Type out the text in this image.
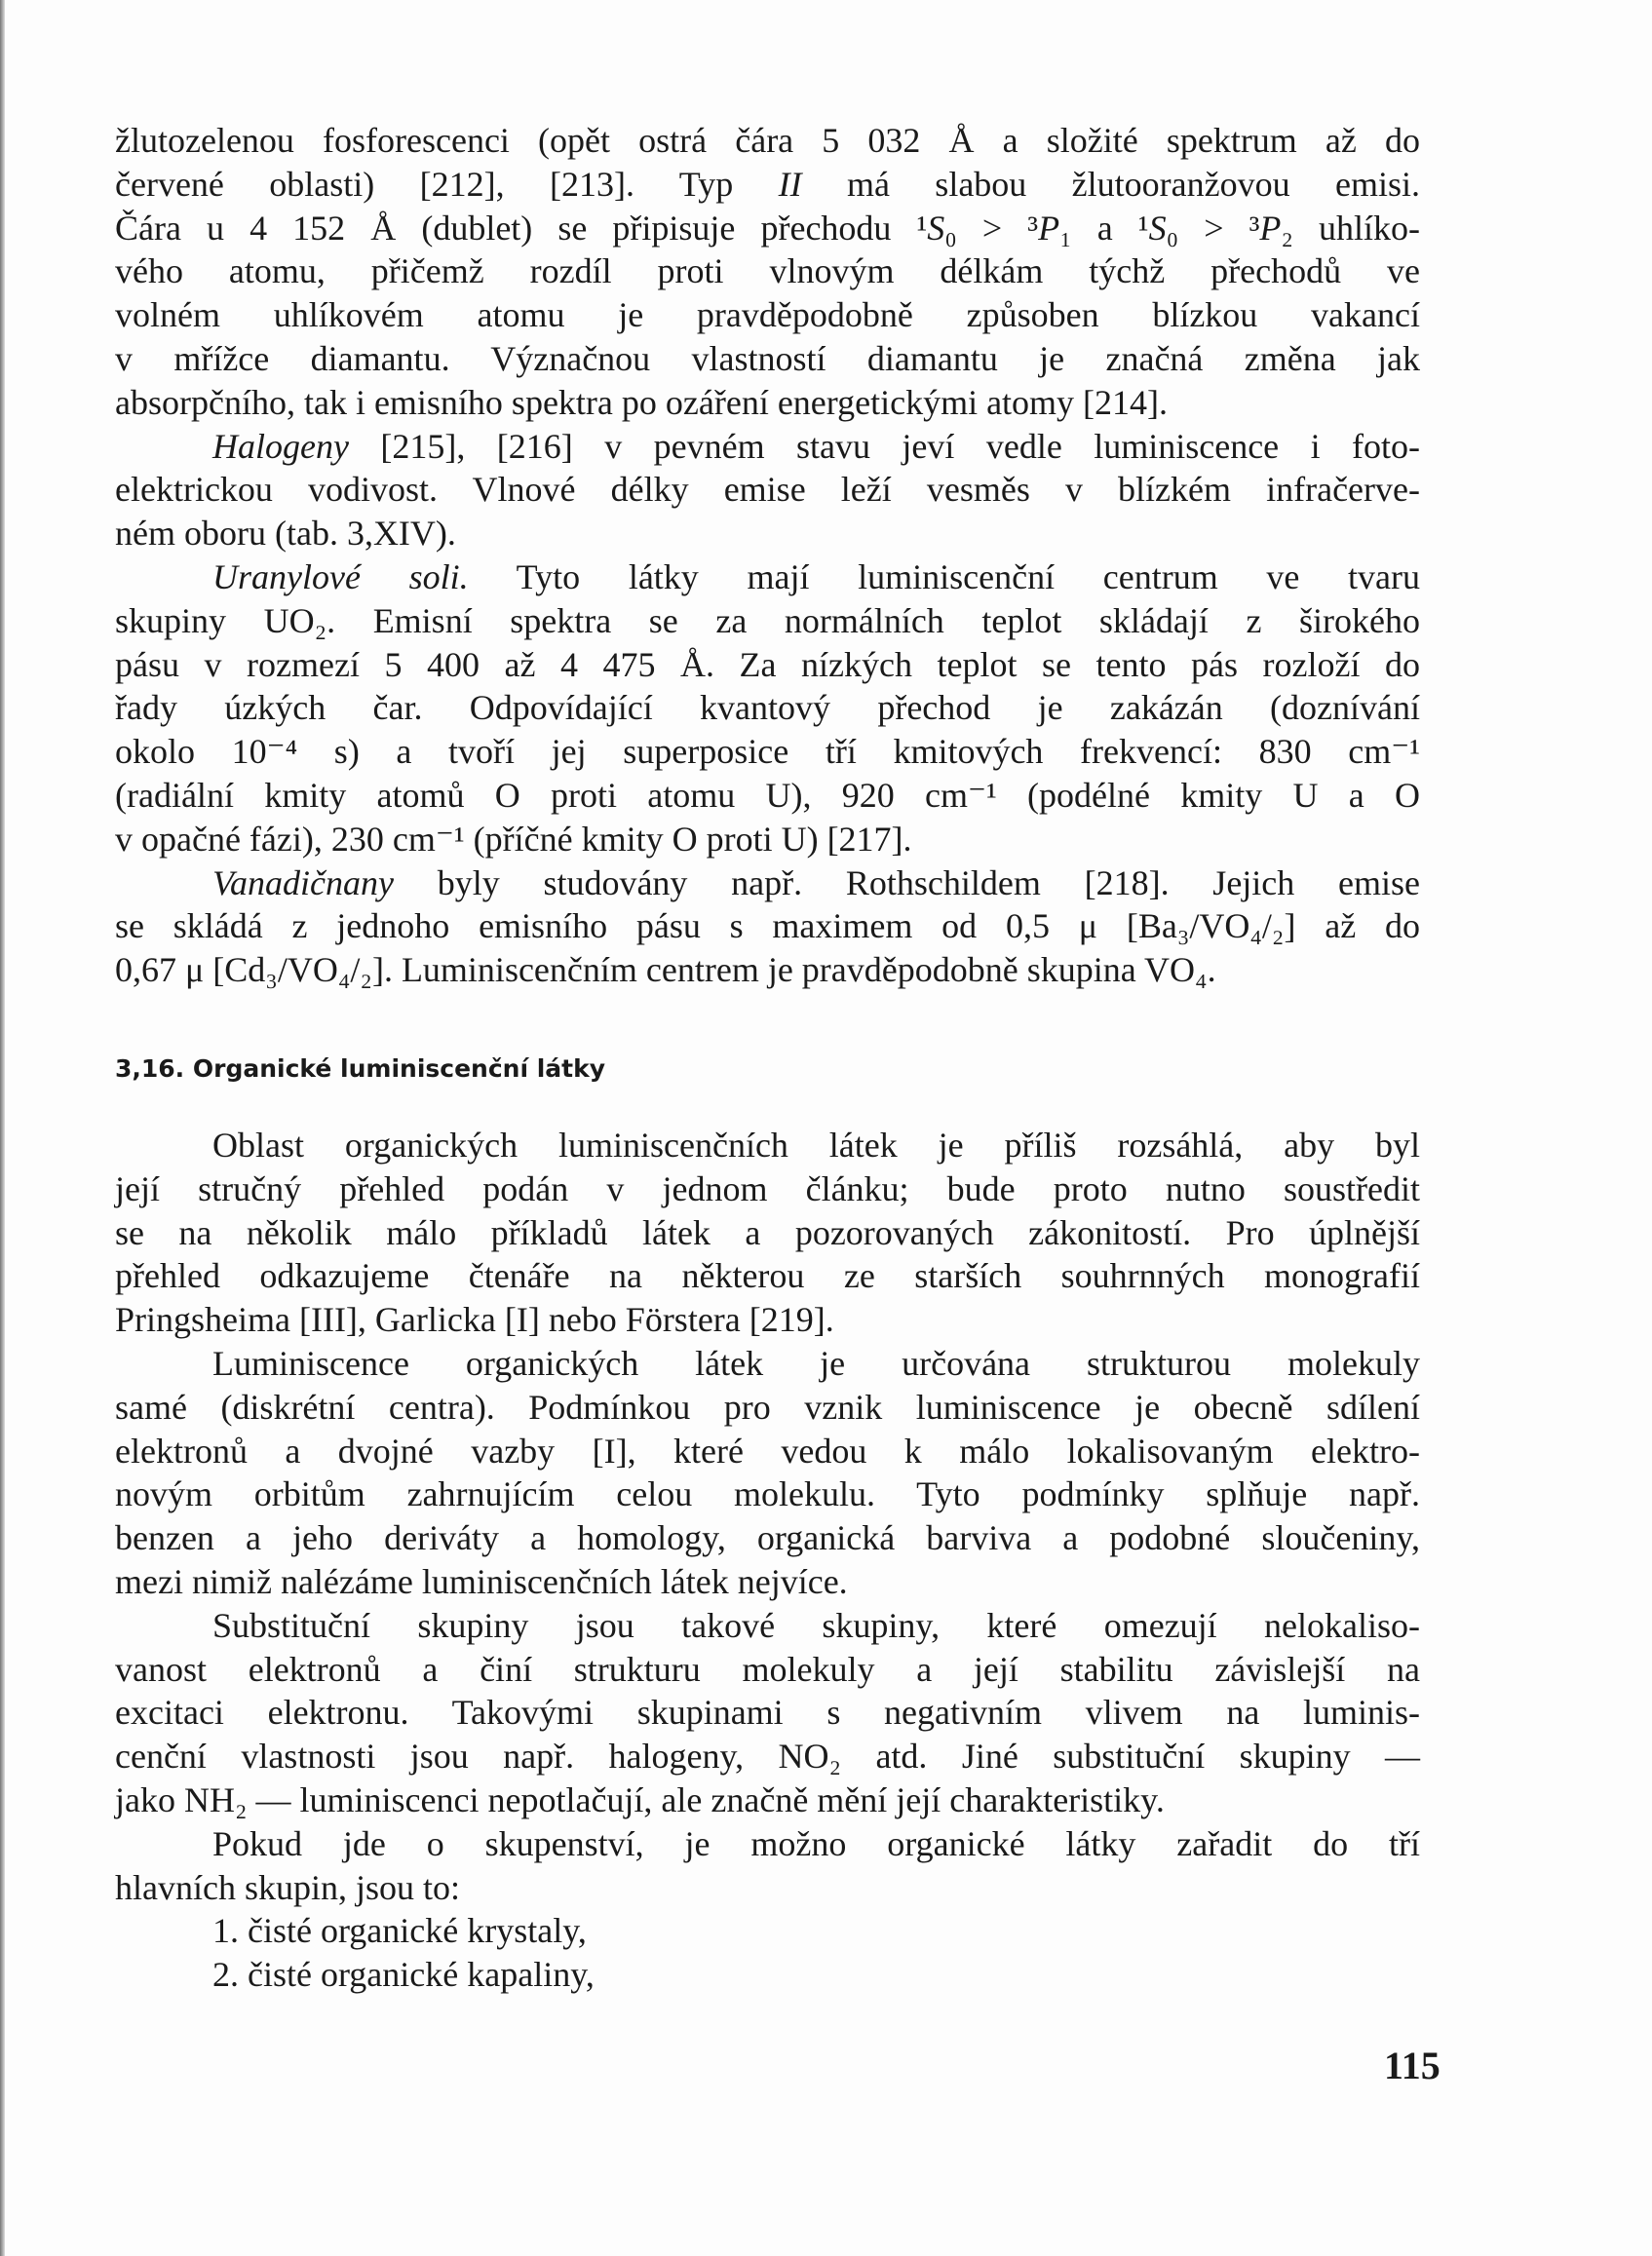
žlutozelenou fosforescenci (opět ostrá čára 5 032 Å a složité spektrum až do
červené oblasti) [212], [213]. Typ II má slabou žlutooranžovou emisi.
Čára u 4 152 Å (dublet) se připisuje přechodu ¹S₀ > ³P₁ a ¹S₀ > ³P₂ uhlíko-
vého atomu, přičemž rozdíl proti vlnovým délkám týchž přechodů ve
volném uhlíkovém atomu je pravděpodobně způsoben blízkou vakancí
v mřížce diamantu. Význačnou vlastností diamantu je značná změna jak
absorpčního, tak i emisního spektra po ozáření energetickými atomy [214].
Halogeny [215], [216] v pevném stavu jeví vedle luminiscence i foto-
elektrickou vodivost. Vlnové délky emise leží vesměs v blízkém infračerve-
ném oboru (tab. 3,XIV).
Uranylové soli. Tyto látky mají luminiscenční centrum ve tvaru
skupiny UO₂. Emisní spektra se za normálních teplot skládají z širokého
pásu v rozmezí 5 400 až 4 475 Å. Za nízkých teplot se tento pás rozloží do
řady úzkých čar. Odpovídající kvantový přechod je zakázán (doznívání
okolo 10⁻⁴ s) a tvoří jej superposice tří kmitových frekvencí: 830 cm⁻¹
(radiální kmity atomů O proti atomu U), 920 cm⁻¹ (podélné kmity U a O
v opačné fázi), 230 cm⁻¹ (příčné kmity O proti U) [217].
Vanadičnany byly studovány např. Rothschildem [218]. Jejich emise
se skládá z jednoho emisního pásu s maximem od 0,5 μ [Ba₃/VO₄/₂] až do
0,67 μ [Cd₃/VO₄/₂]. Luminiscenčním centrem je pravděpodobně skupina VO₄.
3,16. Organické luminiscenční látky
Oblast organických luminiscenčních látek je příliš rozsáhlá, aby byl
její stručný přehled podán v jednom článku; bude proto nutno soustředit
se na několik málo příkladů látek a pozorovaných zákonitostí. Pro úplnější
přehled odkazujeme čtenáře na některou ze starších souhrnných monografií
Pringsheima [III], Garlicka [I] nebo Förstera [219].
Luminiscence organických látek je určována strukturou molekuly
samé (diskrétní centra). Podmínkou pro vznik luminiscence je obecně sdílení
elektronů a dvojné vazby [I], které vedou k málo lokalisovaným elektro-
novým orbitům zahrnujícím celou molekulu. Tyto podmínky splňuje např.
benzen a jeho deriváty a homology, organická barviva a podobné sloučeniny,
mezi nimiž nalézáme luminiscenčních látek nejvíce.
Substituční skupiny jsou takové skupiny, které omezují nelokaliso-
vanost elektronů a činí strukturu molekuly a její stabilitu závislejší na
excitaci elektronu. Takovými skupinami s negativním vlivem na luminis-
cenční vlastnosti jsou např. halogeny, NO₂ atd. Jiné substituční skupiny —
jako NH₂ — luminiscenci nepotlačují, ale značně mění její charakteristiky.
Pokud jde o skupenství, je možno organické látky zařadit do tří
hlavních skupin, jsou to:
1. čisté organické krystaly,
2. čisté organické kapaliny,
115
